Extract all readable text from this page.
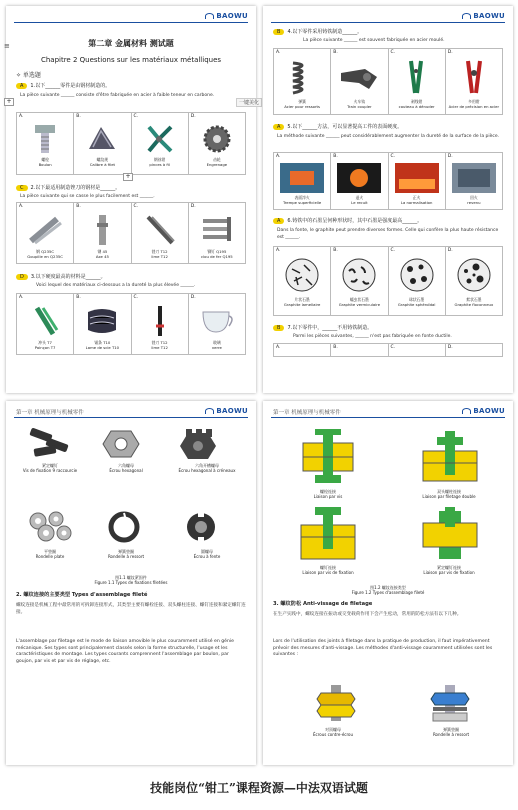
BAOWU
≡	第二章 金属材料 测试题
Chapitre 2 Questions sur les matériaux métalliques
✧ 单选题
A 1.以下______零件是由钢材制造的。
La pièce suivante ______ consiste d'être fabriquée en acier à faible teneur en carbone.
一键美化
+
A.
螺栓
Boulon
B.
螺纹规
Calibre à filet
C.
钢丝钳
pinces à fil
D.
齿轮
Engrenage
+
C 2.以下最适用制造锉刀的钢材是______。
La pièce suivante qui se casse le plus facilement est ______.
A.
钢 Q235C
Goupille en Q235C
B.
钢 45
Axe 45
C.
锉刀 T12
lime T12
D.
铆钉 Q195
clou de fer Q195
D 3.以下硬度最高的材料是______。
Voici lequel des matériaux ci-dessous a la dureté la plus élevée ______.
A.
冲头 T7
Poinçon T7
B.
锯条 T10
Lame de scie T10
C.
锉刀 T12
lime T12
D.
玻璃
verre
BAOWU
B 4.以下零件采用铸铁制造______。
La pièce suivante ______ est souvent fabriquée en acier moulé.
A.
弹簧
Acier pour ressorts
B.
火车钩
Train coupler
C.
剥线钳
couteau à dénuder
D.
多用钳
Acier de précision en acier
A 5.以下______方法，可以显著提高工件的表面硬度。
La méthode suivante ______ peut considérablement augmenter la dureté de la surface de la pièce.
A.
表面淬火
Trempe superficielle
B.
退火
Le recuit
C.
正火
La normalisation
D.
回火
revenu
A 6.铸铁中的石墨呈何种形状时，其中石墨是强度最高______。
Dans la fonte, le graphite peut prendre diverses formes. Celle qui confère la plus haute résistance est ______.
A.
片状石墨
Graphite lamellaire
B.
蠕虫状石墨
Graphite vermiculaire
C.
球状石墨
Graphite sphéroïdal
D.
絮状石墨
Graphite floconneux
B 7.以下零件中，______不用铸铁制造。
Parmi les pièces suivantes, ______ n'est pas fabriquée en fonte ductile.
A.	B.	C.	D.
第一章 机械原理与机械零件	BAOWU
紧定螺钉
Vis de fixation 9 raccourcie
六角螺母
Écrou hexagonal
六角开槽螺母
Écrou hexagonal à créneaux
平垫圈
Rondelle plate
弹簧垫圈
Rondelle à ressort
圆螺母
Écrou à fente
图1.1 螺纹紧固件
Figure 1.1 Types de fixations filetées
2. 螺纹连接的主要类型 Types d'assemblage fileté
螺纹连接是机械工程中最常用的可拆卸连接形式，其类型主要有螺栓连接、双头螺柱连接、螺钉连接和紧定螺钉连接。
L'assemblage par filetage est le mode de liaison amovible le plus couramment utilisé en génie mécanique. Ses types sont principalement classés selon la forme structurelle, l'usage et les caractéristiques de montage. Les types courants comprennent l'assemblage par boulon, par goujon, par vis et par vis de réglage, etc.
第一章 机械原理与机械零件	BAOWU
螺栓连接
Liaison par vis
双头螺柱连接
Liaison par filetage double
螺钉连接
Liaison par vis de fixation
紧定螺钉连接
Liaison par vis de fixation
图1.2 螺纹连接类型
Figure 1.2 Types d'assemblage fileté
3. 螺纹防松 Anti-vissage de filetage
在生产实践中，螺纹连接在振动或交变载荷作用下会产生松动，常用的防松方法有以下几种。
Lors de l'utilisation des joints à filetage dans la pratique de production, il faut impérativement prévoir des mesures d'anti-vissage. Les méthodes d'anti-vissage couramment utilisées sont les suivantes :
对顶螺母
Écrous contre-écrou
弹簧垫圈
Rondelle à ressort
技能岗位“钳工”课程资源—中法双语试题
